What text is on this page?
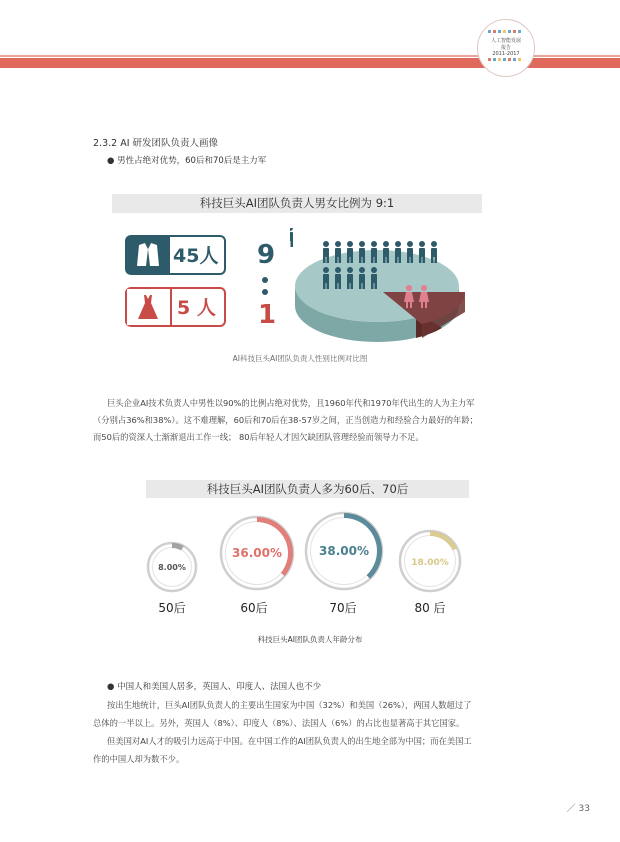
人工智能发展
报告
2011-2017
2.3.2 AI 研发团队负责人画像
● 男性占绝对优势，60后和70后是主力军
科技巨头AI团队负责人男女比例为 9:1
45人
5 人
9
1
AI科技巨头AI团队负责人性别比例对比图
巨头企业AI技术负责人中男性以90%的比例占绝对优势，且1960年代和1970年代出生的人为主力军
（分别占36%和38%）。这不难理解，60后和70后在38-57岁之间，正当创造力和经验合力最好的年龄；
而50后的资深人士渐渐退出工作一线； 80后年轻人才因欠缺团队管理经验而领导力不足。
科技巨头AI团队负责人多为60后、70后
8.00%
36.00%	38.00%
18.00%
50后	60后	70后	80 后
科技巨头AI团队负责人年龄分布
● 中国人和美国人居多，英国人、印度人、法国人也不少
按出生地统计，巨头AI团队负责人的主要出生国家为中国（32%）和美国（26%），两国人数超过了
总体的一半以上。另外，英国人（8%）、印度人（8%）、法国人（6%）的占比也显著高于其它国家。
但美国对AI人才的吸引力远高于中国。在中国工作的AI团队负责人的出生地全部为中国；而在美国工
作的中国人却为数不少。
／ 33
